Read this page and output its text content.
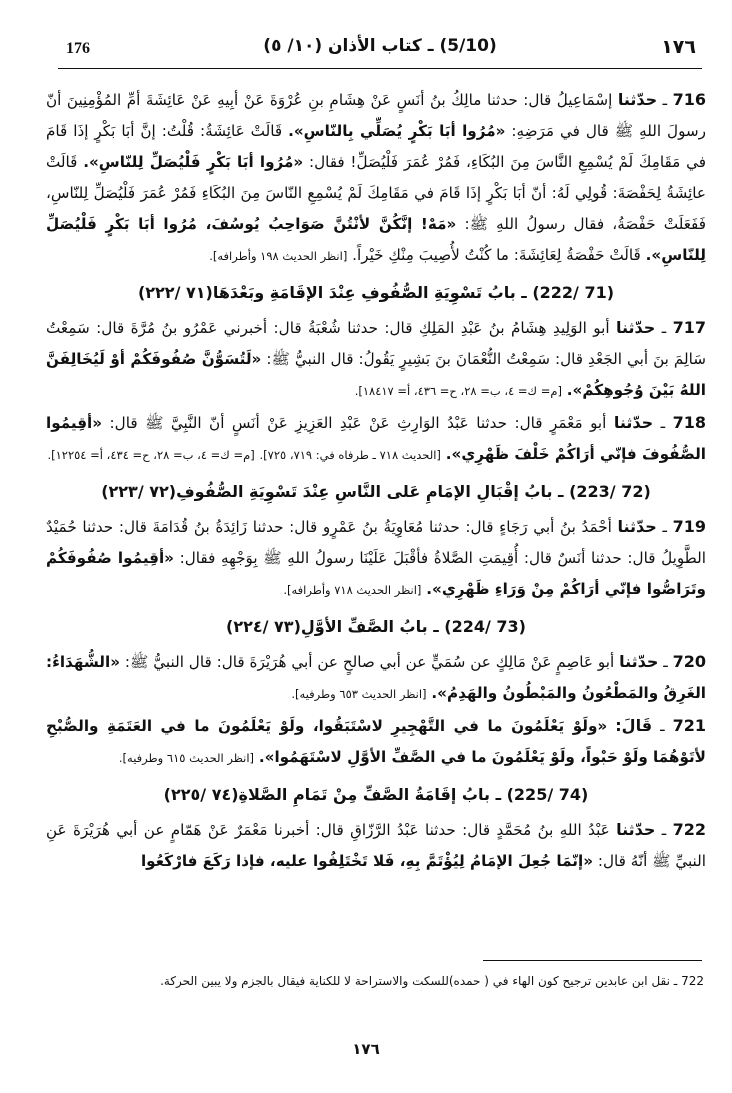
176	(5/10) ـ كتاب الأذان (١٠/ ٥)	١٧٦

716 ـ حدّثنا إسْمَاعِيلُ قال: حدثنا مالِكُ بنُ أنَسٍ عَنْ هِشَامِ بنِ عُرْوَةَ عَنْ أبِيهِ عَنْ عَائِشَةَ أمِّ المُؤْمِنِينَ أنّ رسولَ اللهِ ﷺ قال في مَرَضِهِ: «مُرُوا أبَا بَكْرٍ يُصَلِّي بِالنّاسِ». قَالَتْ عَائِشَةُ: قُلْتُ: إنَّ أبَا بَكْرٍ إذَا قَامَ في مَقَامِكَ لَمْ يُسْمِعِ النَّاسَ مِنَ البُكَاءِ، فَمُرْ عُمَرَ فَلْيُصَلِّ! فقال: «مُرُوا أبَا بَكْرٍ فَلْيُصَلِّ لِلنّاسِ». قَالَتْ عائِشَةُ لِحَفْصَةَ: قُولِي لَهُ: أنّ أبَا بَكْرٍ إذَا قَامَ في مَقَامِكَ لَمْ يُسْمِعِ النّاسَ مِنَ البُكَاءِ فَمُرْ عُمَرَ فَلْيُصَلِّ لِلنّاسِ، فَفَعَلَتْ حَفْصَةُ، فقال رسولُ اللهِ ﷺ: «مَهْ! إنَّكُنَّ لأنْتُنَّ صَوَاحِبُ يُوسُفَ، مُرُوا أبَا بَكْرٍ فَلْيُصَلِّ لِلنّاسِ». قَالَتْ حَفْصَةُ لِعَائِشَةَ: ما كُنْتُ لأُصِيبَ مِنْكِ خَيْراً. [انظر الحديث ١٩٨ وأطرافه].

(71 /222) ـ بابُ تَسْوِيَةِ الصُّفُوفِ عِنْدَ الإقَامَةِ وبَعْدَهَا(٧١ /٢٢٢)

717 ـ حدّثنا أبو الوَلِيدِ هِشَامُ بنُ عَبْدِ المَلِكِ قال: حدثنا شُعْبَةُ قال: أخبرني عَمْرُو بنُ مُرَّةَ قال: سَمِعْتُ سَالِمَ بنَ أبي الجَعْدِ قال: سَمِعْتُ النُّعْمَانَ بنَ بَشِيرٍ يَقُولُ: قال النبيُّ ﷺ: «لَتُسَوُّنَّ صُفُوفَكُمْ أوْ لَيُخَالِفَنَّ اللهُ بَيْنَ وُجُوهِكُمْ». [م= ك= ٤، ب= ٢٨، ح= ٤٣٦، أ= ١٨٤١٧].

718 ـ حدّثنا أبو مَعْمَرٍ قال: حدثنا عَبْدُ الوَارِثِ عَنْ عَبْدِ العَزِيزِ عَنْ أنَسٍ أنّ النَّبِيَّ ﷺ قال: «أقِيمُوا الصُّفُوفَ فإنّي أرَاكُمْ خَلْفَ ظَهْرِي». [الحديث ٧١٨ ـ طرفاه في: ٧١٩، ٧٢٥]. [م= ك= ٤، ب= ٢٨، ح= ٤٣٤، أ= ١٢٢٥٤].

(72 /223) ـ بابُ إقْبَالِ الإمَامِ عَلى النَّاسِ عِنْدَ تَسْوِيَةِ الصُّفُوفِ(٧٢ /٢٢٣)

719 ـ حدّثنا أحْمَدُ بنُ أبي رَجَاءٍ قال: حدثنا مُعَاوِيَةُ بنُ عَمْرٍو قال: حدثنا زَائِدَةُ بنُ قُدَامَةَ قال: حدثنا حُمَيْدٌ الطَّوِيلُ قال: حدثنا أنَسٌ قال: أُقِيمَتِ الصَّلاةُ فأقْبَلَ عَلَيْنَا رسولُ اللهِ ﷺ بِوَجْهِهِ فقال: «أقِيمُوا صُفُوفَكُمْ وتَرَاصُّوا فإنّي أرَاكُمْ مِنْ وَرَاءِ ظَهْرِي». [انظر الحديث ٧١٨ وأطرافه].

(73 /224) ـ بابُ الصَّفِّ الأوَّلِ(٧٣ /٢٢٤)

720 ـ حدّثنا أبو عَاصِمٍ عَنْ مَالِكٍ عن سُمَيٍّ عن أبي صالحٍ عن أبي هُرَيْرَةَ قال: قال النبيُّ ﷺ: «الشُّهَدَاءُ: الغَرِقُ والمَطْعُونُ والمَبْطُونُ والهَدِمُ». [انظر الحديث ٦٥٣ وطرفيه].

721 ـ قَالَ: «ولَوْ يَعْلَمُونَ ما في التَّهْجِيرِ لاسْتَبَقُوا، ولَوْ يَعْلَمُونَ ما في العَتَمَةِ والصُّبْحِ لأتَوْهُمَا ولَوْ حَبْواً، ولَوْ يَعْلَمُونَ ما في الصَّفِّ الأوَّلِ لاسْتَهَمُوا». [انظر الحديث ٦١٥ وطرفيه].

(74 /225) ـ بابُ إقَامَةُ الصَّفِّ مِنْ تَمَامِ الصَّلاةِ(٧٤ /٢٢٥)

722 ـ حدّثنا عَبْدُ اللهِ بنُ مُحَمَّدٍ قال: حدثنا عَبْدُ الرَّزّاقِ قال: أخبرنا مَعْمَرٌ عَنْ هَمّامٍ عن أبي هُرَيْرَةَ عَنِ النبيِّ ﷺ أنّهُ قال: «إنّمَا جُعِلَ الإمَامُ لِيُؤْتَمَّ بِهِ، فَلا تَخْتَلِفُوا عليه، فإذا رَكَعَ فارْكَعُوا

722 ـ نقل ابن عابدين ترجيح كون الهاء في ( حمده)للسكت والاستراحة لا للكناية فيقال بالجزم ولا يبين الحركة.
١٧٦
